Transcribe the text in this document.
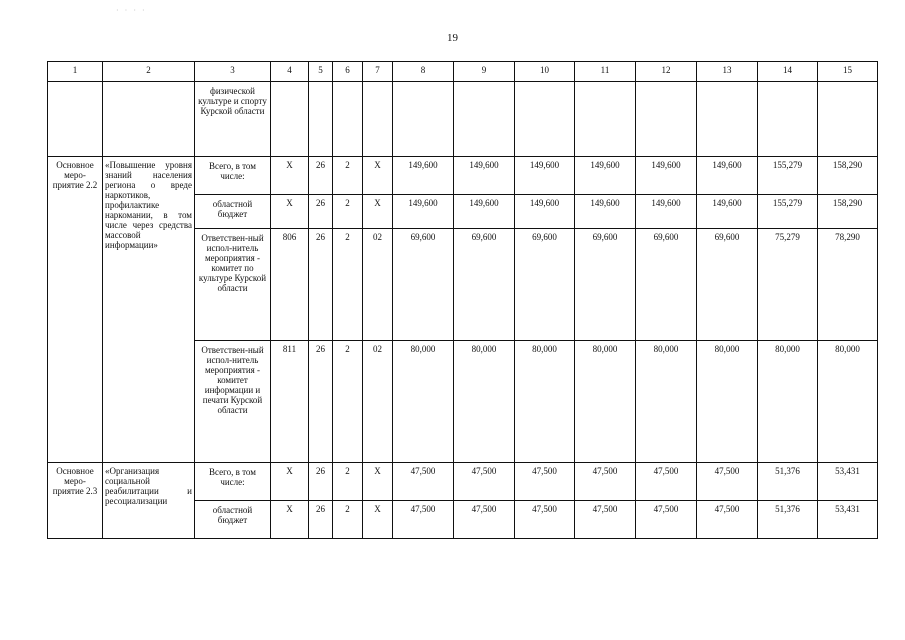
· · · ·
19
1	2	3	4	5	6	7	8	9	10	11	12	13	14	15
		физической культуре и спорту Курской области												
Основное меро-приятие 2.2	«Повышение уровня знаний населения региона о вреде наркотиков, профилактике наркомании, в том числе через средства массовой информации»	Всего, в том числе:	X	26	2	X	149,600	149,600	149,600	149,600	149,600	149,600	155,279	158,290
		областной бюджет	X	26	2	X	149,600	149,600	149,600	149,600	149,600	149,600	155,279	158,290
		Ответствен-ный испол-нитель мероприятия - комитет по культуре Курской области	806	26	2	02	69,600	69,600	69,600	69,600	69,600	69,600	75,279	78,290
		Ответствен-ный испол-нитель мероприятия - комитет информации и печати Курской области	811	26	2	02	80,000	80,000	80,000	80,000	80,000	80,000	80,000	80,000
Основное меро-приятие 2.3	«Организация социальной реабилитации и ресоциализации	Всего, в том числе:	X	26	2	X	47,500	47,500	47,500	47,500	47,500	47,500	51,376	53,431
		областной бюджет	X	26	2	X	47,500	47,500	47,500	47,500	47,500	47,500	51,376	53,431
